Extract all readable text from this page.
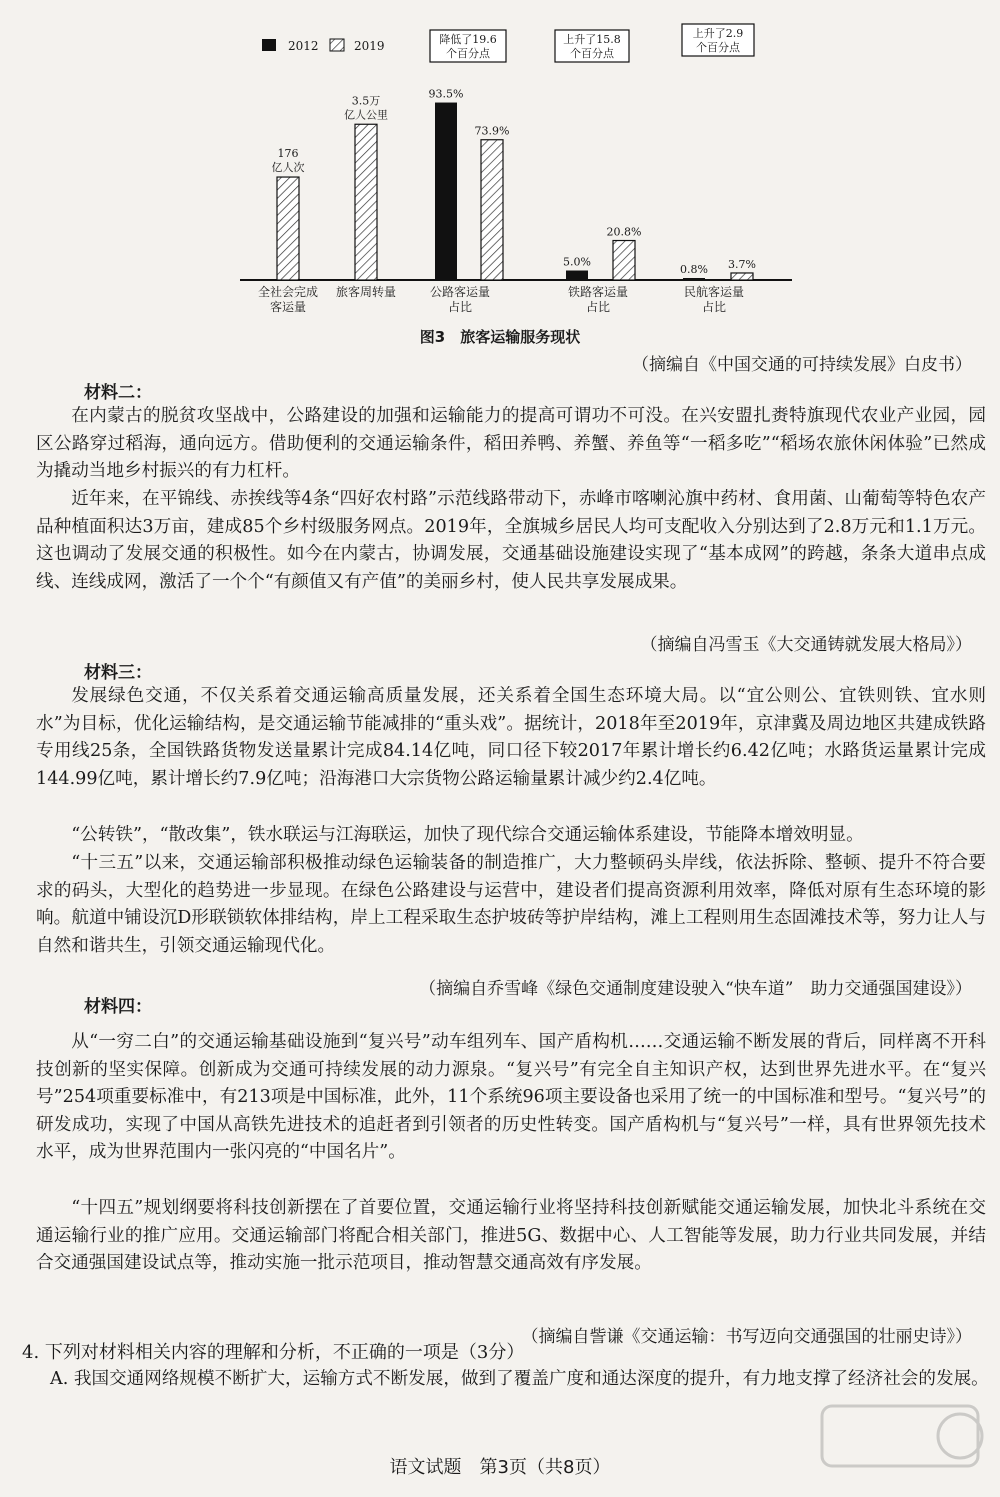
2012	2019
176
亿人次
全社会完成
客运量
3.5万
亿人公里
旅客周转量
93.5%
73.9%
公路客运量
占比
5.0%
20.8%
铁路客运量
占比
0.8% 3.7%
民航客运量
占比
降低了19.6
个百分点
上升了15.8
个百分点
上升了2.9
个百分点
图3　旅客运输服务现状
（摘编自《中国交通的可持续发展》白皮书）
材料二：

在内蒙古的脱贫攻坚战中，公路建设的加强和运输能力的提高可谓功不可没。在兴安盟扎赉特旗现代农业产业园，园区公路穿过稻海，通向远方。借助便利的交通运输条件，稻田养鸭、养蟹、养鱼等“一稻多吃”“稻场农旅休闲体验”已然成为撬动当地乡村振兴的有力杠杆。

近年来，在平锦线、赤挨线等4条“四好农村路”示范线路带动下，赤峰市喀喇沁旗中药材、食用菌、山葡萄等特色农产品种植面积达3万亩，建成85个乡村级服务网点。2019年，全旗城乡居民人均可支配收入分别达到了2.8万元和1.1万元。这也调动了发展交通的积极性。如今在内蒙古，协调发展，交通基础设施建设实现了“基本成网”的跨越，条条大道串点成线、连线成网，激活了一个个“有颜值又有产值”的美丽乡村，使人民共享发展成果。

（摘编自冯雪玉《大交通铸就发展大格局》）
材料三：

发展绿色交通，不仅关系着交通运输高质量发展，还关系着全国生态环境大局。以“宜公则公、宜铁则铁、宜水则水”为目标，优化运输结构，是交通运输节能减排的“重头戏”。据统计，2018年至2019年，京津冀及周边地区共建成铁路专用线25条，全国铁路货物发送量累计完成84.14亿吨，同口径下较2017年累计增长约6.42亿吨；水路货运量累计完成144.99亿吨，累计增长约7.9亿吨；沿海港口大宗货物公路运输量累计减少约2.4亿吨。

“公转铁”，“散改集”，铁水联运与江海联运，加快了现代综合交通运输体系建设，节能降本增效明显。

“十三五”以来，交通运输部积极推动绿色运输装备的制造推广，大力整顿码头岸线，依法拆除、整顿、提升不符合要求的码头，大型化的趋势进一步显现。在绿色公路建设与运营中，建设者们提高资源利用效率，降低对原有生态环境的影响。航道中铺设沉D形联锁软体排结构，岸上工程采取生态护坡砖等护岸结构，滩上工程则用生态固滩技术等，努力让人与自然和谐共生，引领交通运输现代化。

（摘编自乔雪峰《绿色交通制度建设驶入“快车道”　助力交通强国建设》）
材料四：

从“一穷二白”的交通运输基础设施到“复兴号”动车组列车、国产盾构机……交通运输不断发展的背后，同样离不开科技创新的坚实保障。创新成为交通可持续发展的动力源泉。“复兴号”有完全自主知识产权，达到世界先进水平。在“复兴号”254项重要标准中，有213项是中国标准，此外，11个系统96项主要设备也采用了统一的中国标准和型号。“复兴号”的研发成功，实现了中国从高铁先进技术的追赶者到引领者的历史性转变。国产盾构机与“复兴号”一样，具有世界领先技术水平，成为世界范围内一张闪亮的“中国名片”。

“十四五”规划纲要将科技创新摆在了首要位置，交通运输行业将坚持科技创新赋能交通运输发展，加快北斗系统在交通运输行业的推广应用。交通运输部门将配合相关部门，推进5G、数据中心、人工智能等发展，助力行业共同发展，并结合交通强国建设试点等，推动实施一批示范项目，推动智慧交通高效有序发展。

（摘编自訾谦《交通运输：书写迈向交通强国的壮丽史诗》）
4. 下列对材料相关内容的理解和分析，不正确的一项是（3分）

A. 我国交通网络规模不断扩大，运输方式不断发展，做到了覆盖广度和通达深度的提升，有力地支撑了经济社会的发展。

语文试题　第3页（共8页）
